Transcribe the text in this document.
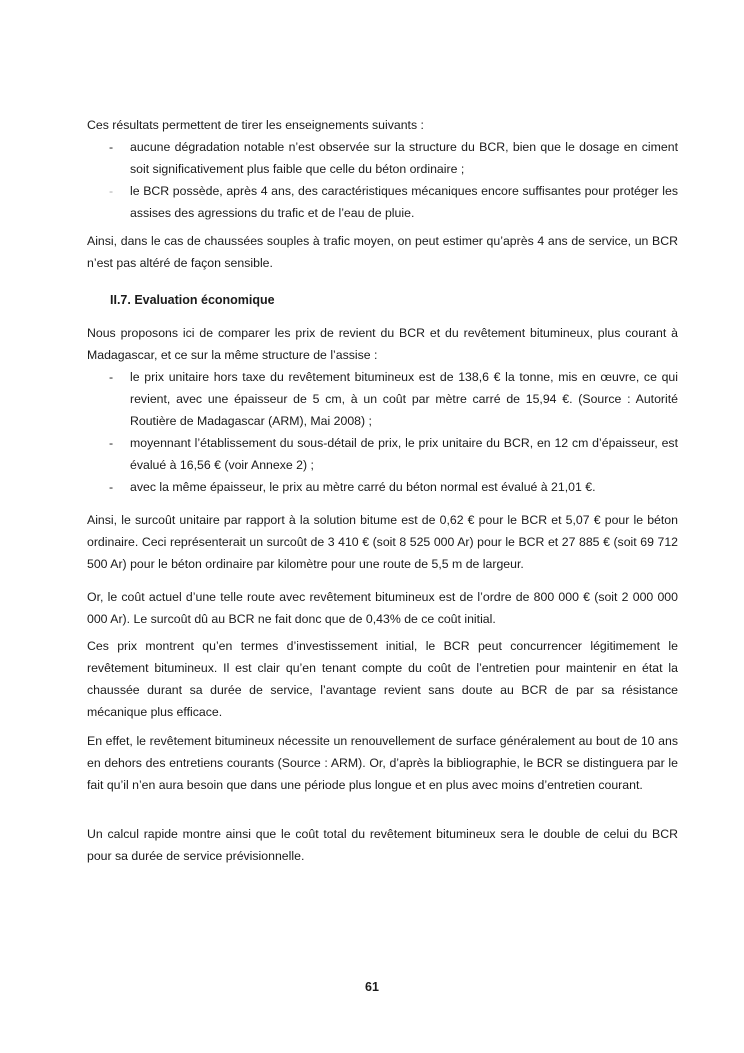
Ces résultats permettent de tirer les enseignements suivants :
- aucune dégradation notable n’est observée sur la structure du BCR, bien que le dosage en ciment soit significativement plus faible que celle du béton ordinaire ;
- le BCR possède, après 4 ans, des caractéristiques mécaniques encore suffisantes pour protéger les assises des agressions du trafic et de l’eau de pluie.
Ainsi, dans le cas de chaussées souples à trafic moyen, on peut estimer qu’après 4 ans de service, un BCR n’est pas altéré de façon sensible.
II.7. Evaluation économique
Nous proposons ici de comparer les prix de revient du BCR et du revêtement bitumineux, plus courant à Madagascar, et ce sur la même structure de l’assise :
- le prix unitaire hors taxe du revêtement bitumineux est de 138,6 € la tonne, mis en œuvre, ce qui revient, avec une épaisseur de 5 cm, à un coût par mètre carré de 15,94 €. (Source : Autorité Routière de Madagascar (ARM), Mai 2008) ;
- moyennant l’établissement du sous-détail de prix, le prix unitaire du BCR, en 12 cm d’épaisseur, est évalué à 16,56 € (voir Annexe 2) ;
- avec la même épaisseur, le prix au mètre carré du béton normal est évalué à 21,01 €.
Ainsi, le surcoût unitaire par rapport à la solution bitume est de 0,62 € pour le BCR et 5,07 € pour le béton ordinaire. Ceci représenterait un surcoût de 3 410 € (soit 8 525 000 Ar) pour le BCR et 27 885 € (soit 69 712 500 Ar) pour le béton ordinaire par kilomètre pour une route de 5,5 m de largeur.
Or, le coût actuel d’une telle route avec revêtement bitumineux est de l’ordre de 800 000 € (soit 2 000 000 000 Ar). Le surcoût dû au BCR ne fait donc que de 0,43% de ce coût initial.
Ces prix montrent qu’en termes d’investissement initial, le BCR peut concurrencer légitimement le revêtement bitumineux. Il est clair qu’en tenant compte du coût de l’entretien pour maintenir en état la chaussée durant sa durée de service, l’avantage revient sans doute au BCR de par sa résistance mécanique plus efficace.
En effet, le revêtement bitumineux nécessite un renouvellement de surface généralement au bout de 10 ans en dehors des entretiens courants (Source : ARM). Or, d’après la bibliographie, le BCR se distinguera par le fait qu’il n’en aura besoin que dans une période plus longue et en plus avec moins d’entretien courant.
Un calcul rapide montre ainsi que le coût total du revêtement bitumineux sera le double de celui du BCR pour sa durée de service prévisionnelle.
61
